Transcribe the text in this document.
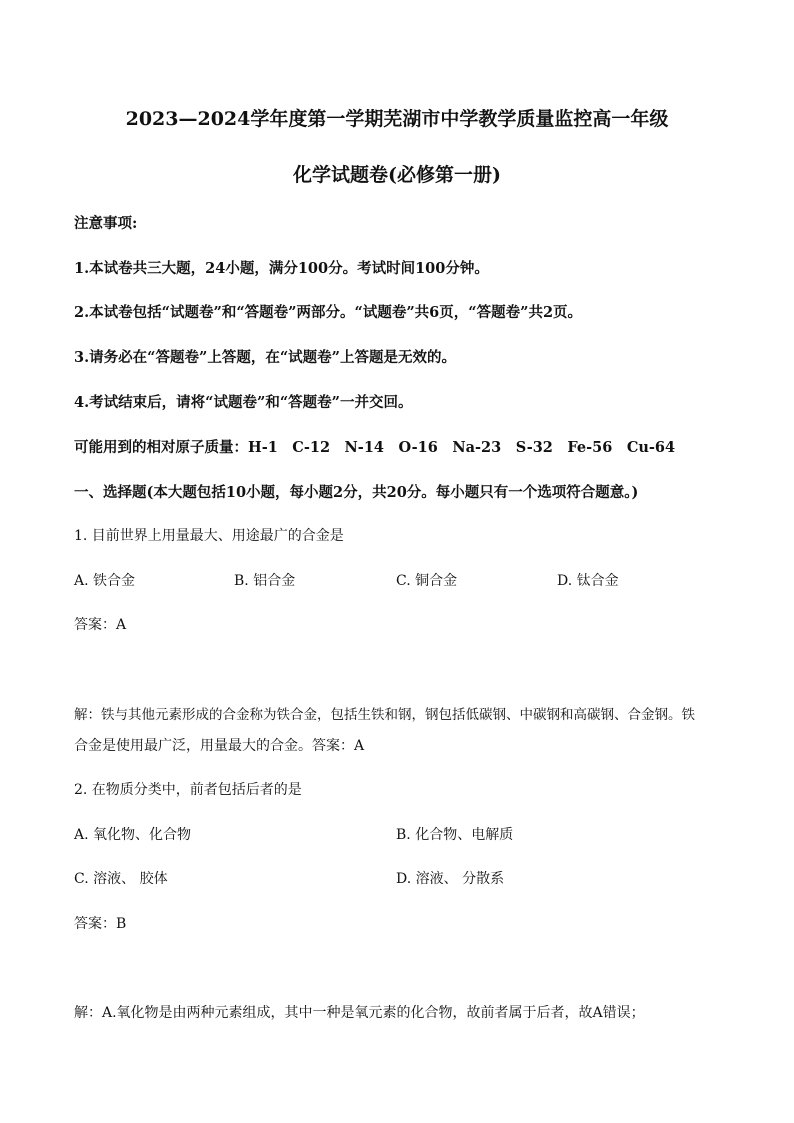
2023—2024学年度第一学期芜湖市中学教学质量监控高一年级
化学试题卷(必修第一册)
注意事项:
1.本试卷共三大题，24小题，满分100分。考试时间100分钟。
2.本试卷包括“试题卷”和“答题卷”两部分。“试题卷”共6页，“答题卷”共2页。
3.请务必在“答题卷”上答题，在“试题卷”上答题是无效的。
4.考试结束后，请将“试题卷”和“答题卷”一并交回。
可能用到的相对原子质量：H-1　C-12　N-14　O-16　Na-23　S-32　Fe-56　Cu-64
一、选择题(本大题包括10小题，每小题2分，共20分。每小题只有一个选项符合题意。)
1. 目前世界上用量最大、用途最广的合金是
A. 铁合金	B. 铝合金	C. 铜合金	D. 钛合金
答案：A
解：铁与其他元素形成的合金称为铁合金，包括生铁和钢，钢包括低碳钢、中碳钢和高碳钢、合金钢。铁
合金是使用最广泛，用量最大的合金。答案：A
2. 在物质分类中，前者包括后者的是
A. 氧化物、化合物	B. 化合物、电解质
C. 溶液、 胶体	D. 溶液、 分散系
答案：B
解：A.氧化物是由两种元素组成，其中一种是氧元素的化合物，故前者属于后者，故A错误；
